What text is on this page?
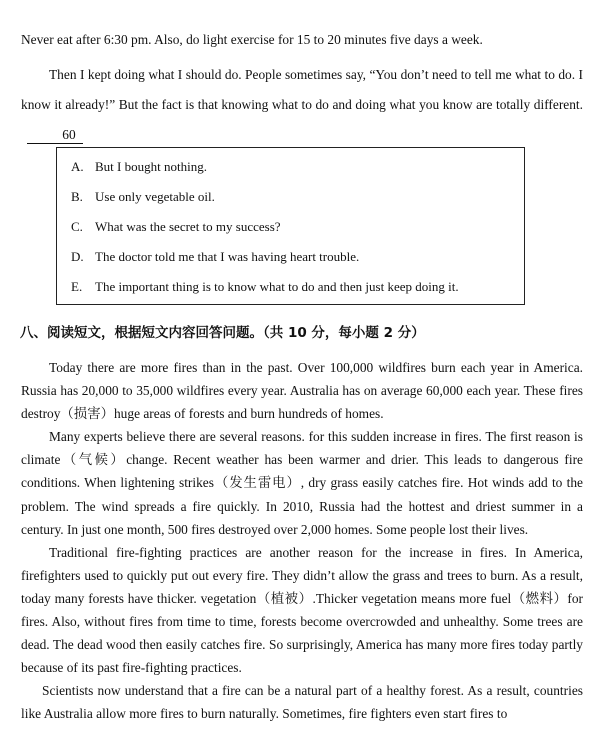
Never eat after 6:30 pm. Also, do light exercise for 15 to 20 minutes five days a week.

Then I kept doing what I should do. People sometimes say, “You don’t need to tell me what to do. I know it already!” But the fact is that knowing what to do and doing what you know are totally different.60

A. But I bought nothing.
B. Use only vegetable oil.
C. What was the secret to my success?
D. The doctor told me that I was having heart trouble.
E. The important thing is to know what to do and then just keep doing it.
八、阅读短文，根据短文内容回答问题。（共 10 分，每小题 2 分）

Today there are more fires than in the past. Over 100,000 wildfires burn each year in America. Russia has 20,000 to 35,000 wildfires every year. Australia has on average 60,000 each year. These fires destroy（损害）huge areas of forests and burn hundreds of homes.

Many experts believe there are several reasons. for this sudden increase in fires. The first reason is climate（气候）change. Recent weather has been warmer and drier. This leads to dangerous fire conditions. When lightening strikes（发生雷电）, dry grass easily catches fire. Hot winds add to the problem. The wind spreads a fire quickly. In 2010, Russia had the hottest and driest summer in a century. In just one month, 500 fires destroyed over 2,000 homes. Some people lost their lives.

Traditional fire-fighting practices are another reason for the increase in fires. In America, firefighters used to quickly put out every fire. They didn’t allow the grass and trees to burn. As a result, today many forests have thicker. vegetation（植被）.Thicker vegetation means more fuel（燃料）for fires. Also, without fires from time to time, forests become overcrowded and unhealthy. Some trees are dead. The dead wood then easily catches fire. So surprisingly, America has many more fires today partly because of its past fire-fighting practices.

Scientists now understand that a fire can be a natural part of a healthy forest. As a result, countries like Australia allow more fires to burn naturally. Sometimes, fire fighters even start fires to
